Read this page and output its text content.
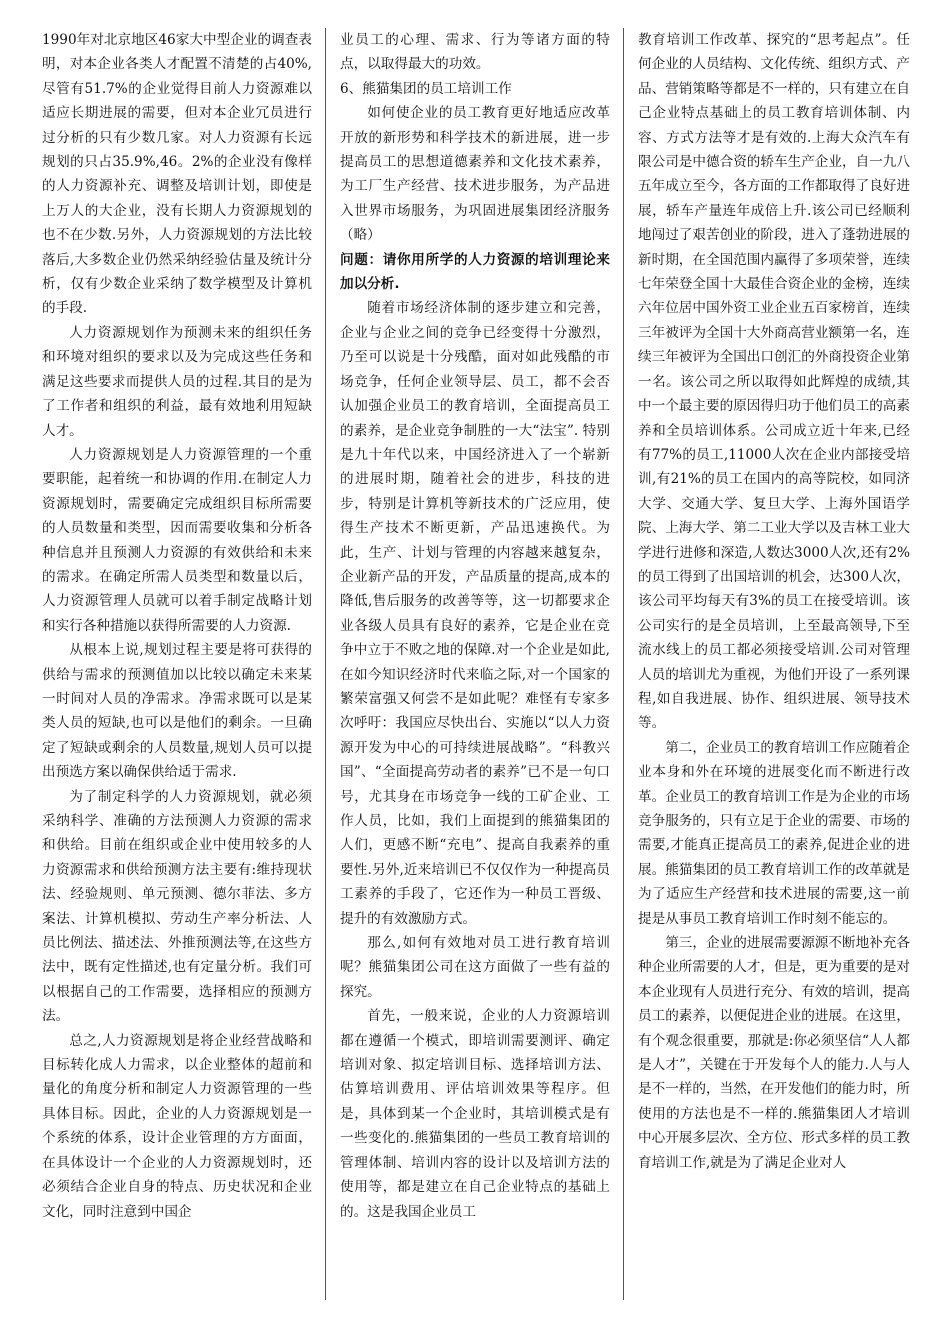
1990年对北京地区46家大中型企业的调查表明，对本企业各类人才配置不清楚的占40%,尽管有51.7%的企业觉得目前人力资源难以适应长期进展的需要，但对本企业冗员进行过分析的只有少数几家。对人力资源有长远规划的只占35.9%,46。2%的企业没有像样的人力资源补充、调整及培训计划，即使是上万人的大企业，没有长期人力资源规划的也不在少数.另外，人力资源规划的方法比较落后,大多数企业仍然采纳经验估量及统计分析，仅有少数企业采纳了数学模型及计算机的手段.

人力资源规划作为预测未来的组织任务和环境对组织的要求以及为完成这些任务和满足这些要求而提供人员的过程.其目的是为了工作者和组织的利益，最有效地利用短缺人才。

人力资源规划是人力资源管理的一个重要职能，起着统一和协调的作用.在制定人力资源规划时，需要确定完成组织目标所需要的人员数量和类型，因而需要收集和分析各种信息并且预测人力资源的有效供给和未来的需求。在确定所需人员类型和数量以后，人力资源管理人员就可以着手制定战略计划和实行各种措施以获得所需要的人力资源.

从根本上说,规划过程主要是将可获得的供给与需求的预测值加以比较以确定未来某一时间对人员的净需求。净需求既可以是某类人员的短缺,也可以是他们的剩余。一旦确定了短缺或剩余的人员数量,规划人员可以提出预选方案以确保供给适于需求.

为了制定科学的人力资源规划，就必须采纳科学、准确的方法预测人力资源的需求和供给。目前在组织或企业中使用较多的人力资源需求和供给预测方法主要有:维持现状法、经验规则、单元预测、德尔菲法、多方案法、计算机模拟、劳动生产率分析法、人员比例法、描述法、外推预测法等,在这些方法中，既有定性描述,也有定量分析。我们可以根据自己的工作需要，选择相应的预测方法。

总之,人力资源规划是将企业经营战略和目标转化成人力需求，以企业整体的超前和量化的角度分析和制定人力资源管理的一些具体目标。因此，企业的人力资源规划是一个系统的体系，设计企业管理的方方面面，在具体设计一个企业的人力资源规划时，还必须结合企业自身的特点、历史状况和企业文化，同时注意到中国企

业员工的心理、需求、行为等诸方面的特点，以取得最大的功效。

6、熊猫集团的员工培训工作

如何使企业的员工教育更好地适应改革开放的新形势和科学技术的新进展，进一步提高员工的思想道德素养和文化技术素养，为工厂生产经营、技术进步服务，为产品进入世界市场服务，为巩固进展集团经济服务（略）

问题：请你用所学的人力资源的培训理论来加以分析.

随着市场经济体制的逐步建立和完善，企业与企业之间的竞争已经变得十分激烈，乃至可以说是十分残酷，面对如此残酷的市场竞争，任何企业领导层、员工，都不会否认加强企业员工的教育培训，全面提高员工的素养，是企业竞争制胜的一大“法宝”. 特别是九十年代以来，中国经济进入了一个崭新的进展时期，随着社会的进步，科技的进步，特别是计算机等新技术的广泛应用，使得生产技术不断更新，产品迅速换代。为此，生产、计划与管理的内容越来越复杂，企业新产品的开发，产品质量的提高,成本的降低,售后服务的改善等等，这一切都要求企业各级人员具有良好的素养，它是企业在竞争中立于不败之地的保障.对一个企业是如此,在如今知识经济时代来临之际,对一个国家的繁荣富强又何尝不是如此呢？难怪有专家多次呼吁：我国应尽快出台、实施以“以人力资源开发为中心的可持续进展战略”。“科教兴国”、“全面提高劳动者的素养”已不是一句口号，尤其身在市场竞争一线的工矿企业、工作人员，比如，我们上面提到的熊猫集团的人们，更感不断“充电”、提高自我素养的重要性.另外,近来培训已不仅仅作为一种提高员工素养的手段了，它还作为一种员工晋级、提升的有效激励方式。

那么,如何有效地对员工进行教育培训呢？熊猫集团公司在这方面做了一些有益的探究。

首先，一般来说，企业的人力资源培训都在遵循一个模式，即培训需要测评、确定培训对象、拟定培训目标、选择培训方法、估算培训费用、评估培训效果等程序。但是，具体到某一个企业时，其培训模式是有一些变化的.熊猫集团的一些员工教育培训的管理体制、培训内容的设计以及培训方法的使用等，都是建立在自己企业特点的基础上的。这是我国企业员工

教育培训工作改革、探究的“思考起点”。任何企业的人员结构、文化传统、组织方式、产品、营销策略等都是不一样的，只有建立在自己企业特点基础上的员工教育培训体制、内容、方式方法等才是有效的.上海大众汽车有限公司是中德合资的轿车生产企业，自一九八五年成立至今，各方面的工作都取得了良好进展，轿车产量连年成倍上升.该公司已经顺利地闯过了艰苦创业的阶段，进入了蓬勃进展的新时期，在全国范围内赢得了多项荣誉，连续七年荣登全国十大最佳合资企业的金榜，连续六年位居中国外资工业企业五百家榜首，连续三年被评为全国十大外商高营业额第一名，连续三年被评为全国出口创汇的外商投资企业第一名。该公司之所以取得如此辉煌的成绩,其中一个最主要的原因得归功于他们员工的高素养和全员培训体系。公司成立近十年来,已经有77%的员工,11000人次在企业内部接受培训,有21%的员工在国内的高等院校，如同济大学、交通大学、复旦大学、上海外国语学院、上海大学、第二工业大学以及吉林工业大学进行进修和深造,人数达3000人次,还有2%的员工得到了出国培训的机会，达300人次，该公司平均每天有3%的员工在接受培训。该公司实行的是全员培训，上至最高领导,下至流水线上的员工都必须接受培训.公司对管理人员的培训尤为重视，为他们开设了一系列课程,如自我进展、协作、组织进展、领导技术等。

第二，企业员工的教育培训工作应随着企业本身和外在环境的进展变化而不断进行改革。企业员工的教育培训工作是为企业的市场竞争服务的，只有立足于企业的需要、市场的需要,才能真正提高员工的素养,促进企业的进展。熊猫集团的员工教育培训工作的改革就是为了适应生产经营和技术进展的需要,这一前提是从事员工教育培训工作时刻不能忘的。

第三，企业的进展需要源源不断地补充各种企业所需要的人才，但是，更为重要的是对本企业现有人员进行充分、有效的培训，提高员工的素养，以便促进企业的进展。在这里，有个观念很重要，那就是:你必须坚信“人人都是人才”，关键在于开发每个人的能力.人与人是不一样的，当然，在开发他们的能力时，所使用的方法也是不一样的.熊猫集团人才培训中心开展多层次、全方位、形式多样的员工教育培训工作,就是为了满足企业对人
